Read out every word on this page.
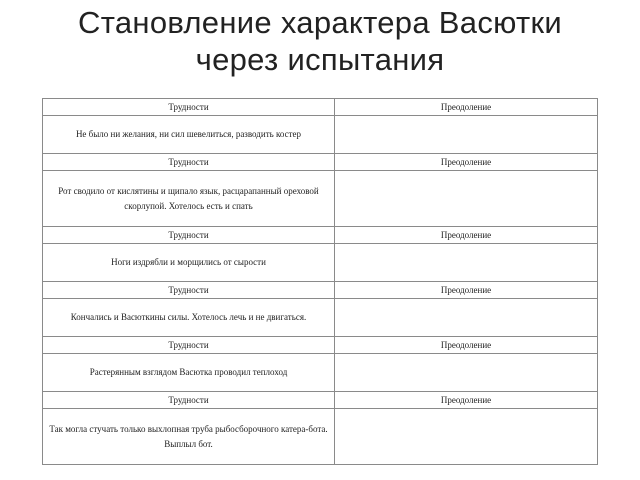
Становление характера Васютки
через испытания
Трудности	Преодоление
Не было ни желания, ни сил шевелиться, разводить костер	
Трудности	Преодоление
Рот сводило от кислятины и щипало язык, расцарапанный ореховой скорлупой. Хотелось есть и спать	
Трудности	Преодоление
Ноги издрябли и морщились от сырости	
Трудности	Преодоление
Кончались и Васюткины силы. Хотелось лечь и не двигаться.	
Трудности	Преодоление
Растерянным взглядом Васютка проводил теплоход	
Трудности	Преодоление
Так могла стучать только выхлопная труба рыбосборочного катера-бота. Выплыл бот.	
